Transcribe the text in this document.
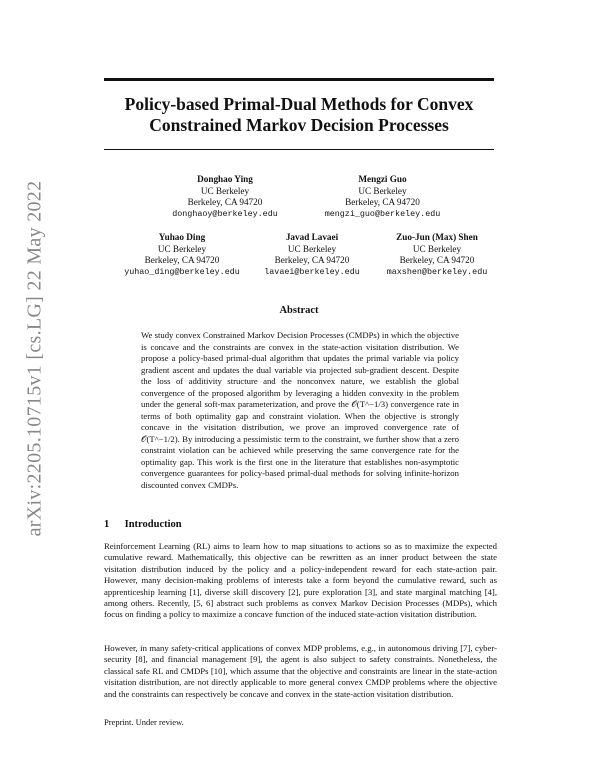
arXiv:2205.10715v1 [cs.LG] 22 May 2022
Policy-based Primal-Dual Methods for Convex Constrained Markov Decision Processes
Donghao Ying
UC Berkeley
Berkeley, CA 94720
donghaoy@berkeley.edu
Mengzi Guo
UC Berkeley
Berkeley, CA 94720
mengzi_guo@berkeley.edu
Yuhao Ding
UC Berkeley
Berkeley, CA 94720
yuhao_ding@berkeley.edu
Javad Lavaei
UC Berkeley
Berkeley, CA 94720
lavaei@berkeley.edu
Zuo-Jun (Max) Shen
UC Berkeley
Berkeley, CA 94720
maxshen@berkeley.edu
Abstract
We study convex Constrained Markov Decision Processes (CMDPs) in which the objective is concave and the constraints are convex in the state-action visitation distribution. We propose a policy-based primal-dual algorithm that updates the primal variable via policy gradient ascent and updates the dual variable via projected sub-gradient descent. Despite the loss of additivity structure and the nonconvex nature, we establish the global convergence of the proposed algorithm by leveraging a hidden convexity in the problem under the general soft-max parameterization, and prove the 𝒪(T^−1/3) convergence rate in terms of both optimality gap and constraint violation. When the objective is strongly concave in the visitation distribution, we prove an improved convergence rate of 𝒪(T^−1/2). By introducing a pessimistic term to the constraint, we further show that a zero constraint violation can be achieved while preserving the same convergence rate for the optimality gap. This work is the first one in the literature that establishes non-asymptotic convergence guarantees for policy-based primal-dual methods for solving infinite-horizon discounted convex CMDPs.
1 Introduction
Reinforcement Learning (RL) aims to learn how to map situations to actions so as to maximize the expected cumulative reward. Mathematically, this objective can be rewritten as an inner product between the state visitation distribution induced by the policy and a policy-independent reward for each state-action pair. However, many decision-making problems of interests take a form beyond the cumulative reward, such as apprenticeship learning [1], diverse skill discovery [2], pure exploration [3], and state marginal matching [4], among others. Recently, [5, 6] abstract such problems as convex Markov Decision Processes (MDPs), which focus on finding a policy to maximize a concave function of the induced state-action visitation distribution.
However, in many safety-critical applications of convex MDP problems, e.g., in autonomous driving [7], cyber-security [8], and financial management [9], the agent is also subject to safety constraints. Nonetheless, the classical safe RL and CMDPs [10], which assume that the objective and constraints are linear in the state-action visitation distribution, are not directly applicable to more general convex CMDP problems where the objective and the constraints can respectively be concave and convex in the state-action visitation distribution.
Preprint. Under review.
